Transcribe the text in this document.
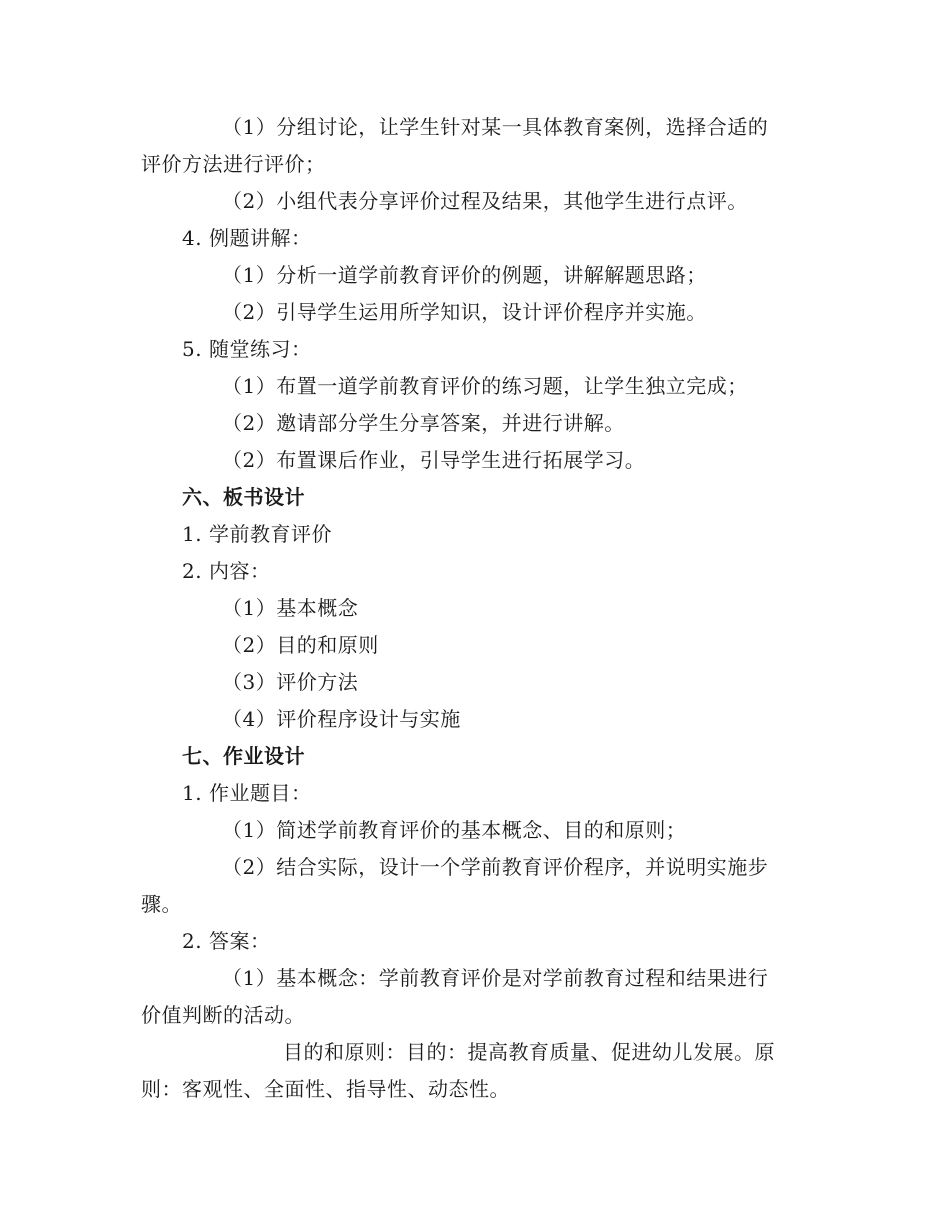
（1）分组讨论，让学生针对某一具体教育案例，选择合适的
评价方法进行评价；
（2）小组代表分享评价过程及结果，其他学生进行点评。
4. 例题讲解：
（1）分析一道学前教育评价的例题，讲解解题思路；
（2）引导学生运用所学知识，设计评价程序并实施。
5. 随堂练习：
（1）布置一道学前教育评价的练习题，让学生独立完成；
（2）邀请部分学生分享答案，并进行讲解。
（2）布置课后作业，引导学生进行拓展学习。
六、板书设计
1. 学前教育评价
2. 内容：
（1）基本概念
（2）目的和原则
（3）评价方法
（4）评价程序设计与实施
七、作业设计
1. 作业题目：
（1）简述学前教育评价的基本概念、目的和原则；
（2）结合实际，设计一个学前教育评价程序，并说明实施步
骤。
2. 答案：
（1）基本概念：学前教育评价是对学前教育过程和结果进行
价值判断的活动。
目的和原则：目的：提高教育质量、促进幼儿发展。原
则：客观性、全面性、指导性、动态性。
